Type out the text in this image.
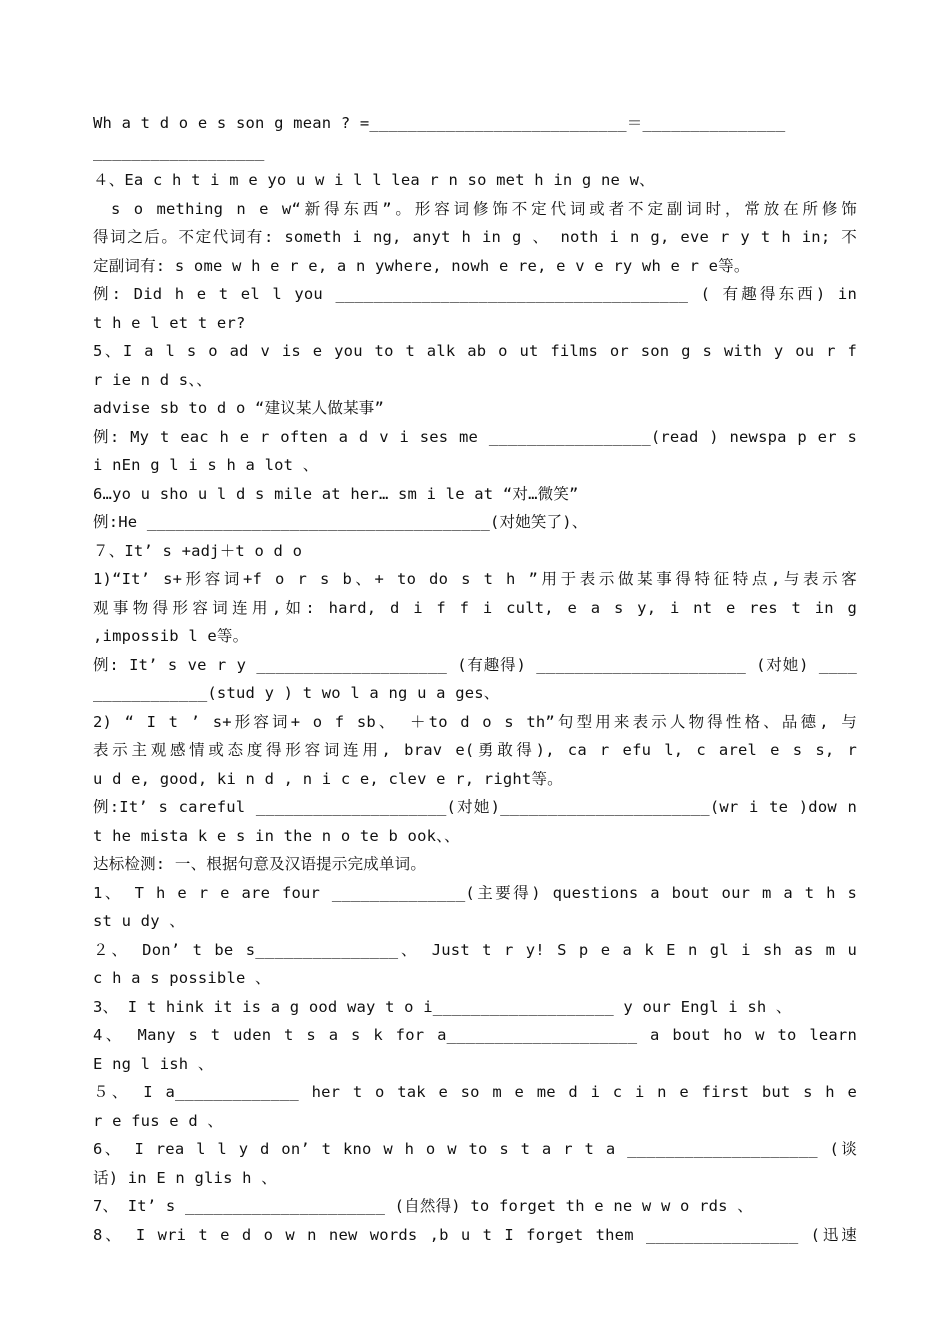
Wh a t d o e s son g mean ? =___________________________＝_______________
__________________
４、Ea c h t i m e yo u w i l l lea r n so met h in g ne w、
s o mething n e w“新得东西”。形容词修饰不定代词或者不定副词时，常放在所修饰
得词之后。不定代词有: someth i ng, anyt h in g 、 noth i n g, eve r y t h in; 不
定副词有: s ome w h e r e, a n ywhere, nowh e re, e v e ry wh e r e等。
例: Did h e t el l you _____________________________________ ( 有趣得东西) in
t h e l et t er?
5、I a l s o ad v is e you to t alk ab o ut films or son g s with y ou r f
r ie n d s、、
advise sb to d o “建议某人做某事”
例: My t eac h e r often a d v i ses me _________________(read ) newspa p er s
i nEn g l i s h a lot 、
6…yo u sho u l d s mile at her… sm i le at “对…微笑”
例:He ____________________________________(对她笑了)、
７、It’ s +adj＋t o d o
1)“It’ s+形容词+f o r s b、+ to do s t h ”用于表示做某事得特征特点,与表示客
观事物得形容词连用,如: hard, d i f f i cult, e a s y, i nt e res t in g
,impossib l e等。
例: It’ s ve r y ____________________ (有趣得) ______________________ (对她) ____
____________(stud y ) t wo l a ng u a ges、
2) “ I t ’ s+形容词+ o f sb、 ＋to d o s th”句型用来表示人物得性格、品德, 与
表示主观感情或态度得形容词连用, brav e(勇敢得), ca r efu l, c arel e s s, r
u d e, good, ki n d , n i c e, clev e r, right等。
例:It’ s careful ____________________(对她)______________________(wr i te )dow n
t he mista k e s in the n o te b ook、、
达标检测: 一、根据句意及汉语提示完成单词。
1、 T h e r e are four ______________(主要得) questions a bout our m a t h s
st u dy 、
２、 Don’ t be s_______________、 Just t r y! S p e a k E n gl i sh as m u
c h a s possible 、
3、 I t hink it is a g ood way t o i___________________ y our Engl i sh 、
4、 Many s t uden t s a s k for a____________________ a bout ho w to learn
E ng l ish 、
５、 I a_____________ her t o tak e so m e me d i c i n e first but s h e
r e fus e d 、
6、 I rea l l y d on’ t kno w h o w to s t a r t a ____________________ (谈
话) in E n glis h 、
7、 It’ s _____________________ (自然得) to forget th e ne w w o rds 、
8、 I wri t e d o w n new words ,b u t I forget them ________________ (迅速
